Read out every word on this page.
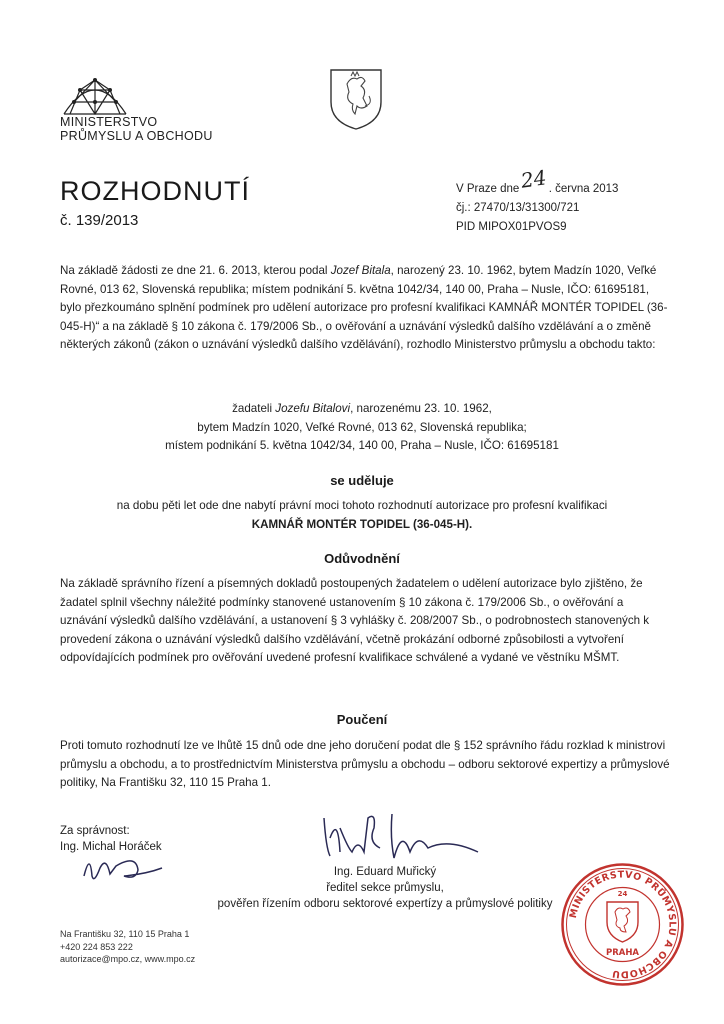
MINISTERSTVO
PRŮMYSLU A OBCHODU
ROZHODNUTÍ
č. 139/2013
V Praze dne24. června 2013
čj.: 27470/13/31300/721
PID MIPOX01PVOS9
Na základě žádosti ze dne 21. 6. 2013, kterou podal Jozef Bitala, narozený 23. 10. 1962, bytem Madzín 1020, Veľké Rovné, 013 62, Slovenská republika; místem podnikání 5. května 1042/34, 140 00, Praha – Nusle, IČO: 61695181, bylo přezkoumáno splnění podmínek pro udělení autorizace pro profesní kvalifikaci KAMNÁŘ MONTÉR TOPIDEL (36-045-H)“ a na základě § 10 zákona č. 179/2006 Sb., o ověřování a uznávání výsledků dalšího vzdělávání a o změně některých zákonů (zákon o uznávání výsledků dalšího vzdělávání), rozhodlo Ministerstvo průmyslu a obchodu takto:
žadateli Jozefu Bitalovi, narozenému 23. 10. 1962,
bytem Madzín 1020, Veľké Rovné, 013 62, Slovenská republika;
místem podnikání 5. května 1042/34, 140 00, Praha – Nusle, IČO: 61695181
se uděluje
na dobu pěti let ode dne nabytí právní moci tohoto rozhodnutí autorizace pro profesní kvalifikaci
KAMNÁŘ MONTÉR TOPIDEL (36-045-H).
Odůvodnění
Na základě správního řízení a písemných dokladů postoupených žadatelem o udělení autorizace bylo zjištěno, že žadatel splnil všechny náležité podmínky stanovené ustanovením § 10 zákona č. 179/2006 Sb., o ověřování a uznávání výsledků dalšího vzdělávání, a ustanovení § 3 vyhlášky č. 208/2007 Sb., o podrobnostech stanovených k provedení zákona o uznávání výsledků dalšího vzdělávání, včetně prokázání odborné způsobilosti a vytvoření odpovídajících podmínek pro ověřování uvedené profesní kvalifikace schválené a vydané ve věstníku MŠMT.
Poučení
Proti tomuto rozhodnutí lze ve lhůtě 15 dnů ode dne jeho doručení podat dle § 152 správního řádu rozklad k ministrovi průmyslu a obchodu, a to prostřednictvím Ministerstva průmyslu a obchodu – odboru sektorové expertizy a průmyslové politiky, Na Františku 32, 110 15 Praha 1.
Za správnost:
Ing. Michal Horáček
Ing. Eduard Muřický
ředitel sekce průmyslu,
pověřen řízením odboru sektorové expertízy a průmyslové politiky
Na Františku 32, 110 15 Praha 1
+420 224 853 222
autorizace@mpo.cz, www.mpo.cz
MINISTERSTVO PRŮMYSLU A OBCHODU
24
PRAHA
